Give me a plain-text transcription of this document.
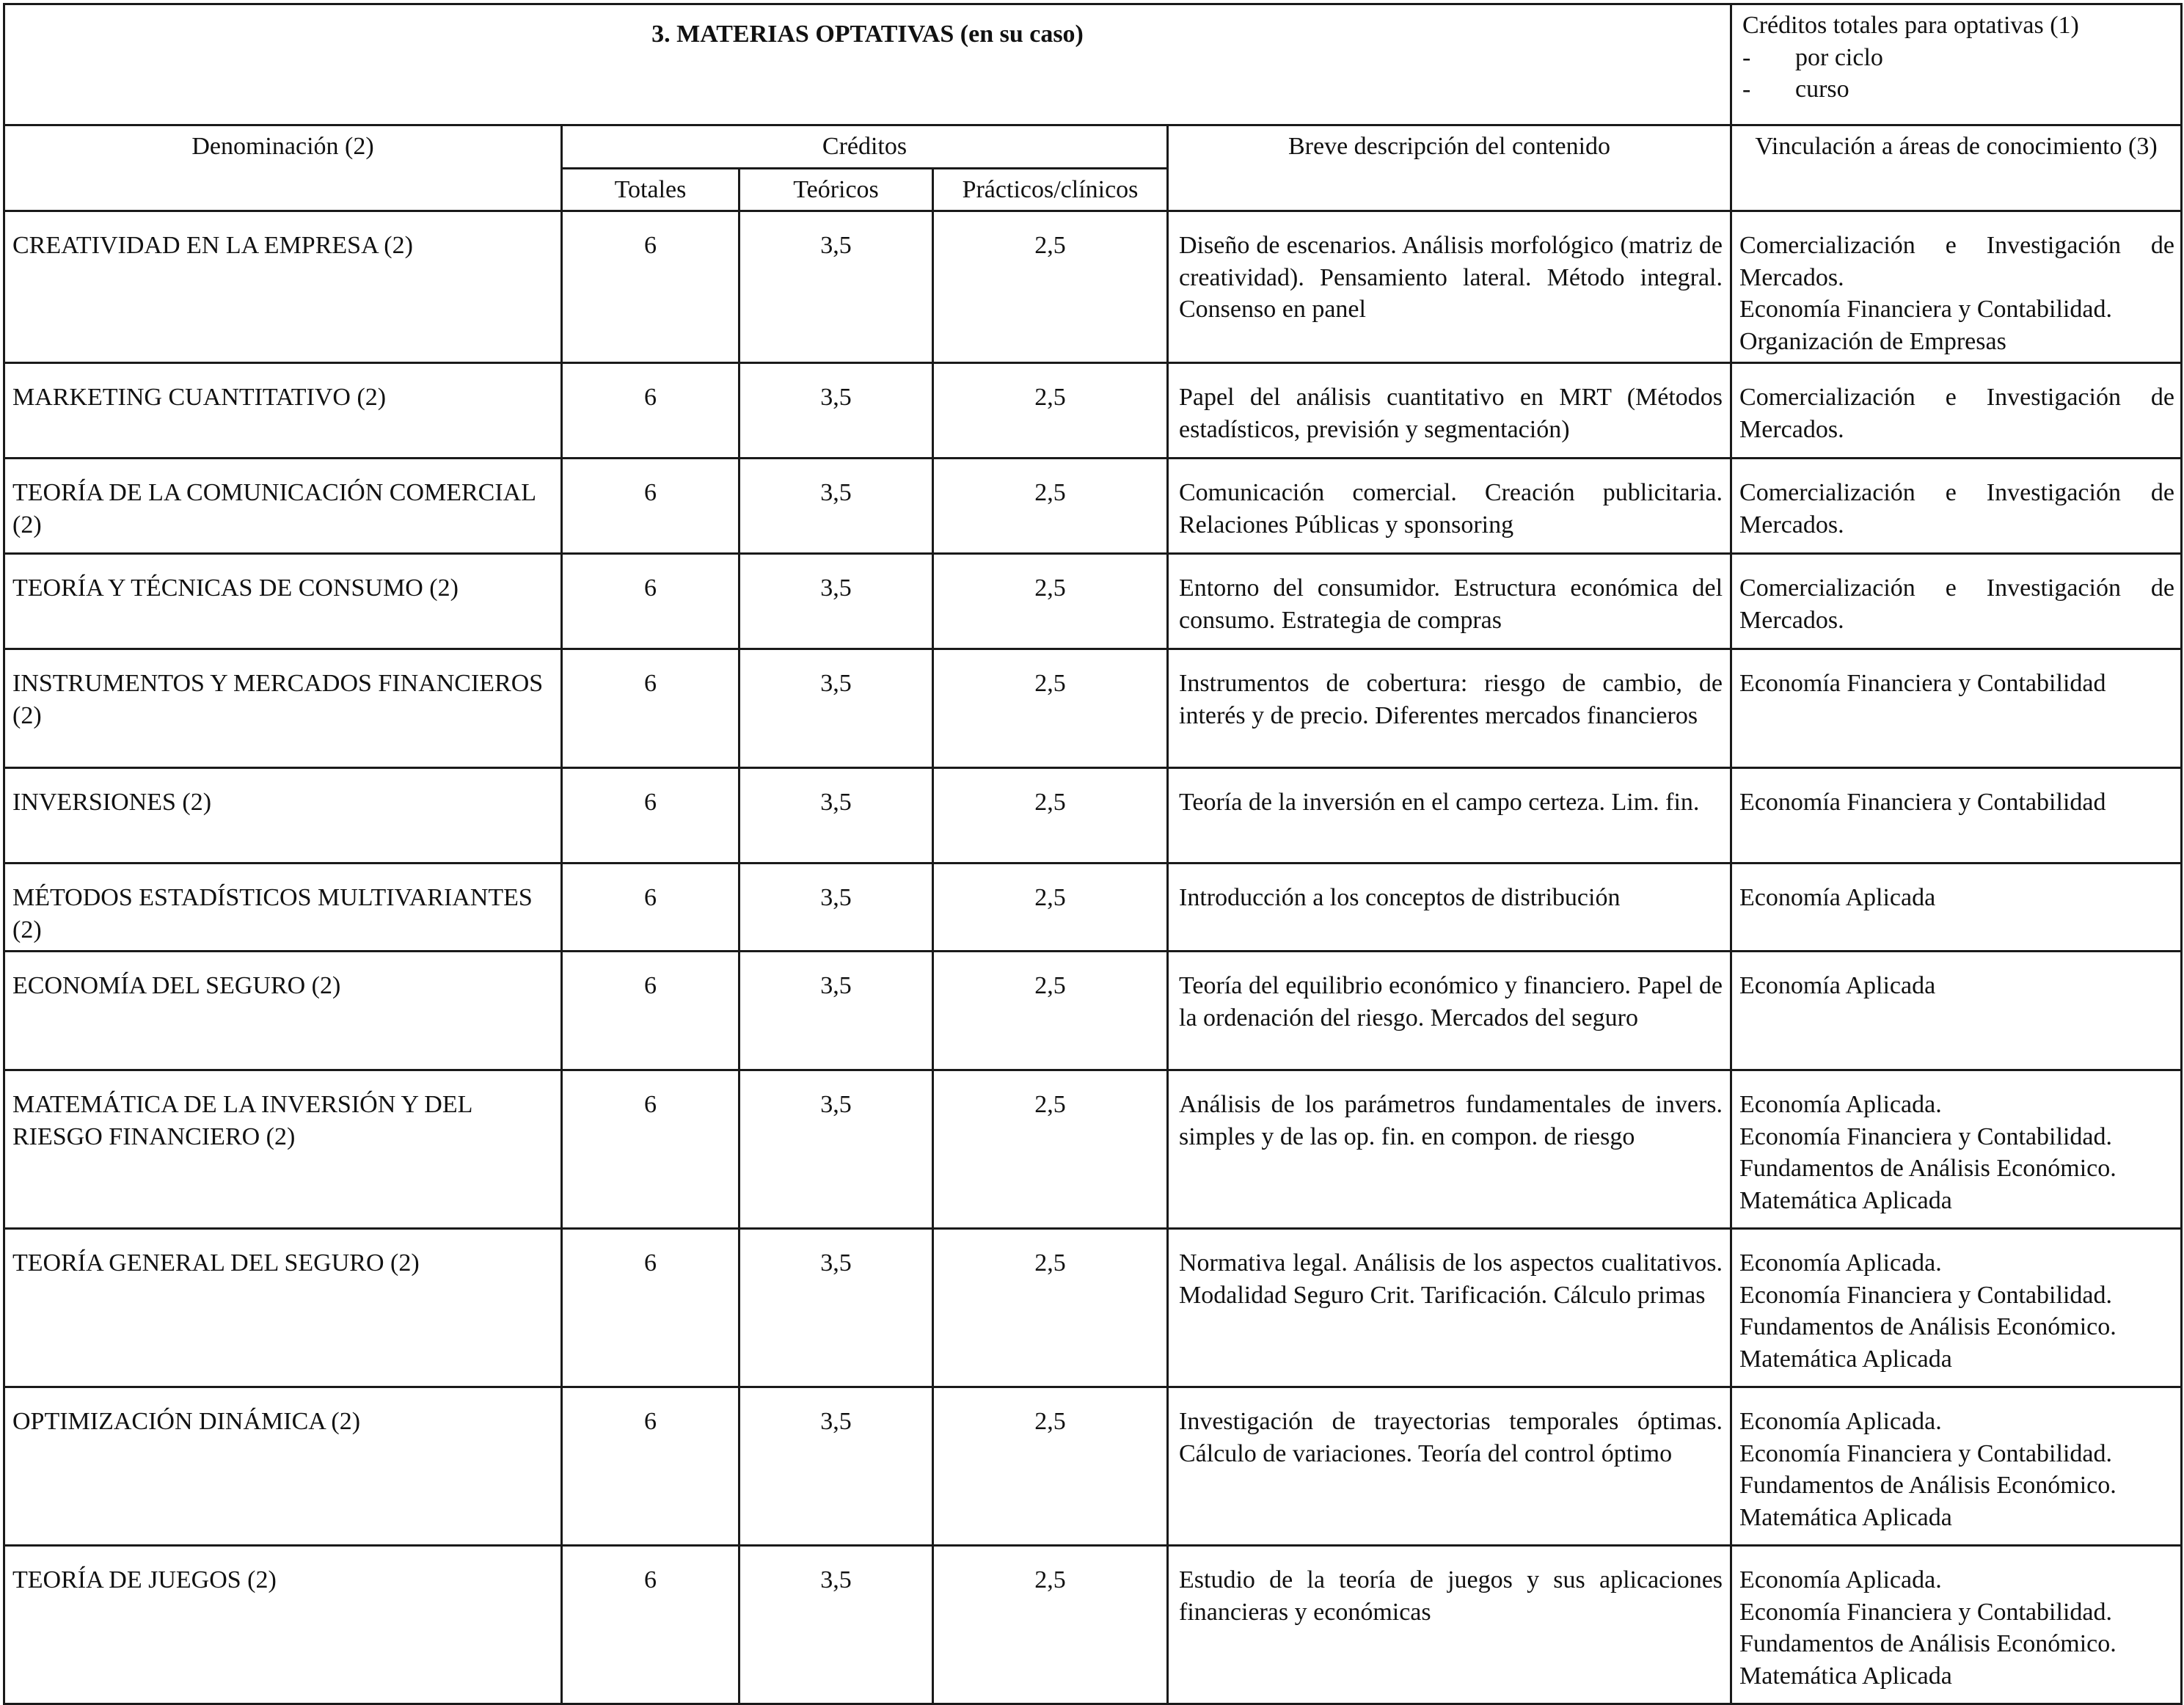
3. MATERIAS OPTATIVAS (en su caso)					Créditos totales para optativas (1)
- por ciclo
- curso

Denominación (2)	Créditos			Breve descripción del contenido	Vinculación a áreas de conocimiento (3)
	Totales	Teóricos	Prácticos/clínicos		
CREATIVIDAD EN LA EMPRESA (2)	6	3,5	2,5	Diseño de escenarios. Análisis morfológico (matriz de creatividad). Pensamiento lateral. Método integral. Consenso en panel	Comercialización e Investigación de
Mercados.
Economía Financiera y Contabilidad.
Organización de Empresas

MARKETING CUANTITATIVO (2)	6	3,5	2,5	Papel del análisis cuantitativo en MRT (Métodos estadísticos, previsión y segmentación)	Comercialización e Investigación de
Mercados.

TEORÍA DE LA COMUNICACIÓN COMERCIAL (2)	6	3,5	2,5	Comunicación comercial. Creación publicitaria. Relaciones Públicas y sponsoring	Comercialización e Investigación de
Mercados.

TEORÍA Y TÉCNICAS DE CONSUMO (2)	6	3,5	2,5	Entorno del consumidor. Estructura económica del consumo. Estrategia de compras	Comercialización e Investigación de
Mercados.

INSTRUMENTOS Y MERCADOS FINANCIEROS (2)	6	3,5	2,5	Instrumentos de cobertura: riesgo de cambio, de interés y de precio. Diferentes mercados financieros	Economía Financiera y Contabilidad

INVERSIONES (2)	6	3,5	2,5	Teoría de la inversión en el campo certeza. Lim. fin.	Economía Financiera y Contabilidad

MÉTODOS ESTADÍSTICOS MULTIVARIANTES (2)	6	3,5	2,5	Introducción a los conceptos de distribución	Economía Aplicada

ECONOMÍA DEL SEGURO (2)	6	3,5	2,5	Teoría del equilibrio económico y financiero. Papel de la ordenación del riesgo. Mercados del seguro	Economía Aplicada

MATEMÁTICA DE LA INVERSIÓN Y DEL RIESGO FINANCIERO (2)	6	3,5	2,5	Análisis de los parámetros fundamentales de invers. simples y de las op. fin. en compon. de riesgo	Economía Aplicada.
Economía Financiera y Contabilidad.
Fundamentos de Análisis Económico.
Matemática Aplicada

TEORÍA GENERAL DEL SEGURO (2)	6	3,5	2,5	Normativa legal. Análisis de los aspectos cualitativos. Modalidad Seguro Crit. Tarificación. Cálculo primas	Economía Aplicada.
Economía Financiera y Contabilidad.
Fundamentos de Análisis Económico.
Matemática Aplicada

OPTIMIZACIÓN DINÁMICA (2)	6	3,5	2,5	Investigación de trayectorias temporales óptimas. Cálculo de variaciones. Teoría del control óptimo	Economía Aplicada.
Economía Financiera y Contabilidad.
Fundamentos de Análisis Económico.
Matemática Aplicada

TEORÍA DE JUEGOS (2)	6	3,5	2,5	Estudio de la teoría de juegos y sus aplicaciones financieras y económicas	Economía Aplicada.
Economía Financiera y Contabilidad.
Fundamentos de Análisis Económico.
Matemática Aplicada
